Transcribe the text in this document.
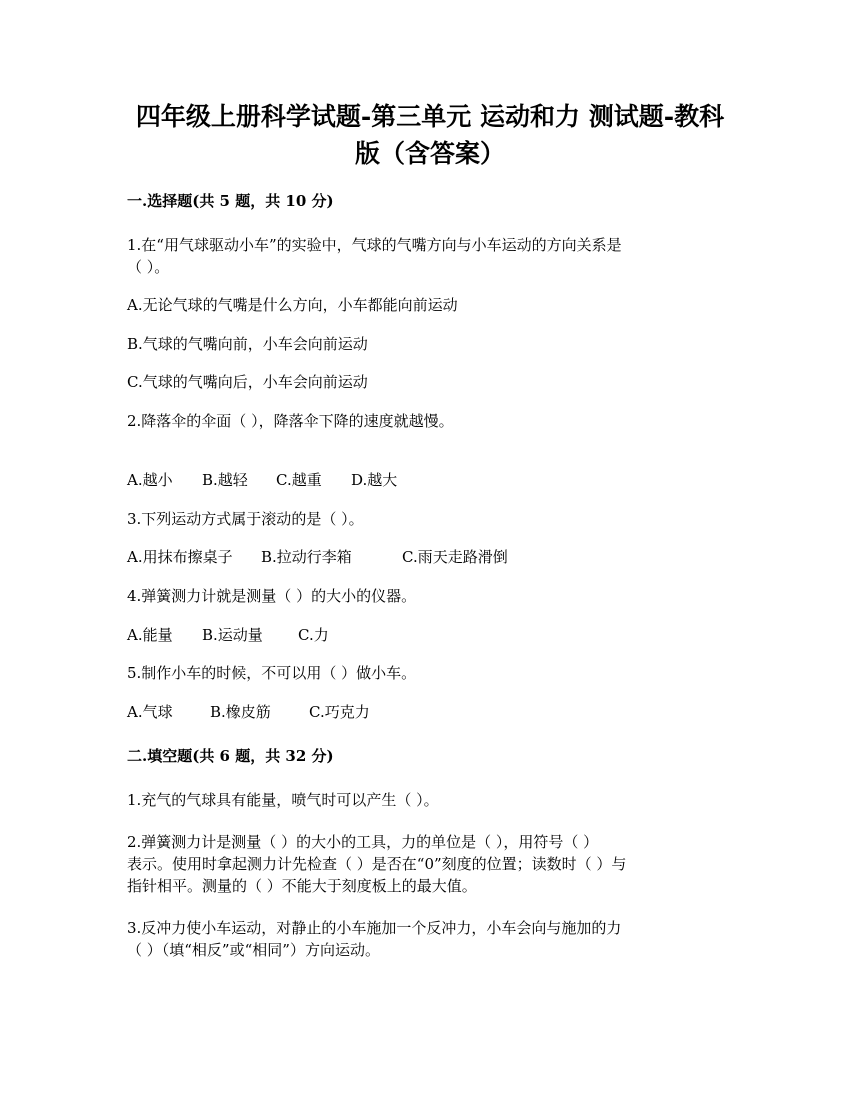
四年级上册科学试题-第三单元 运动和力 测试题-教科
版（含答案）

一.选择题(共 5 题，共 10 分)

1.在“用气球驱动小车”的实验中，气球的气嘴方向与小车运动的方向关系是

（ ）。

A.无论气球的气嘴是什么方向，小车都能向前运动

B.气球的气嘴向前，小车会向前运动

C.气球的气嘴向后，小车会向前运动

2.降落伞的伞面（ ），降落伞下降的速度就越慢。

A.越小 B.越轻 C.越重 D.越大

3.下列运动方式属于滚动的是（ ）。

A.用抹布擦桌子 B.拉动行李箱	C.雨天走路滑倒

4.弹簧测力计就是测量（ ）的大小的仪器。

A.能量 B.运动量 C.力

5.制作小车的时候，不可以用（ ）做小车。

A.气球 B.橡皮筋	C.巧克力

二.填空题(共 6 题，共 32 分)

1.充气的气球具有能量，喷气时可以产生（ ）。

2.弹簧测力计是测量（ ）的大小的工具，力的单位是（ ），用符号（ ）

表示。使用时拿起测力计先检查（ ）是否在“0”刻度的位置；读数时（ ）与

指针相平。测量的（ ）不能大于刻度板上的最大值。

3.反冲力使小车运动，对静止的小车施加一个反冲力，小车会向与施加的力

（ ）（填“相反”或“相同”）方向运动。
